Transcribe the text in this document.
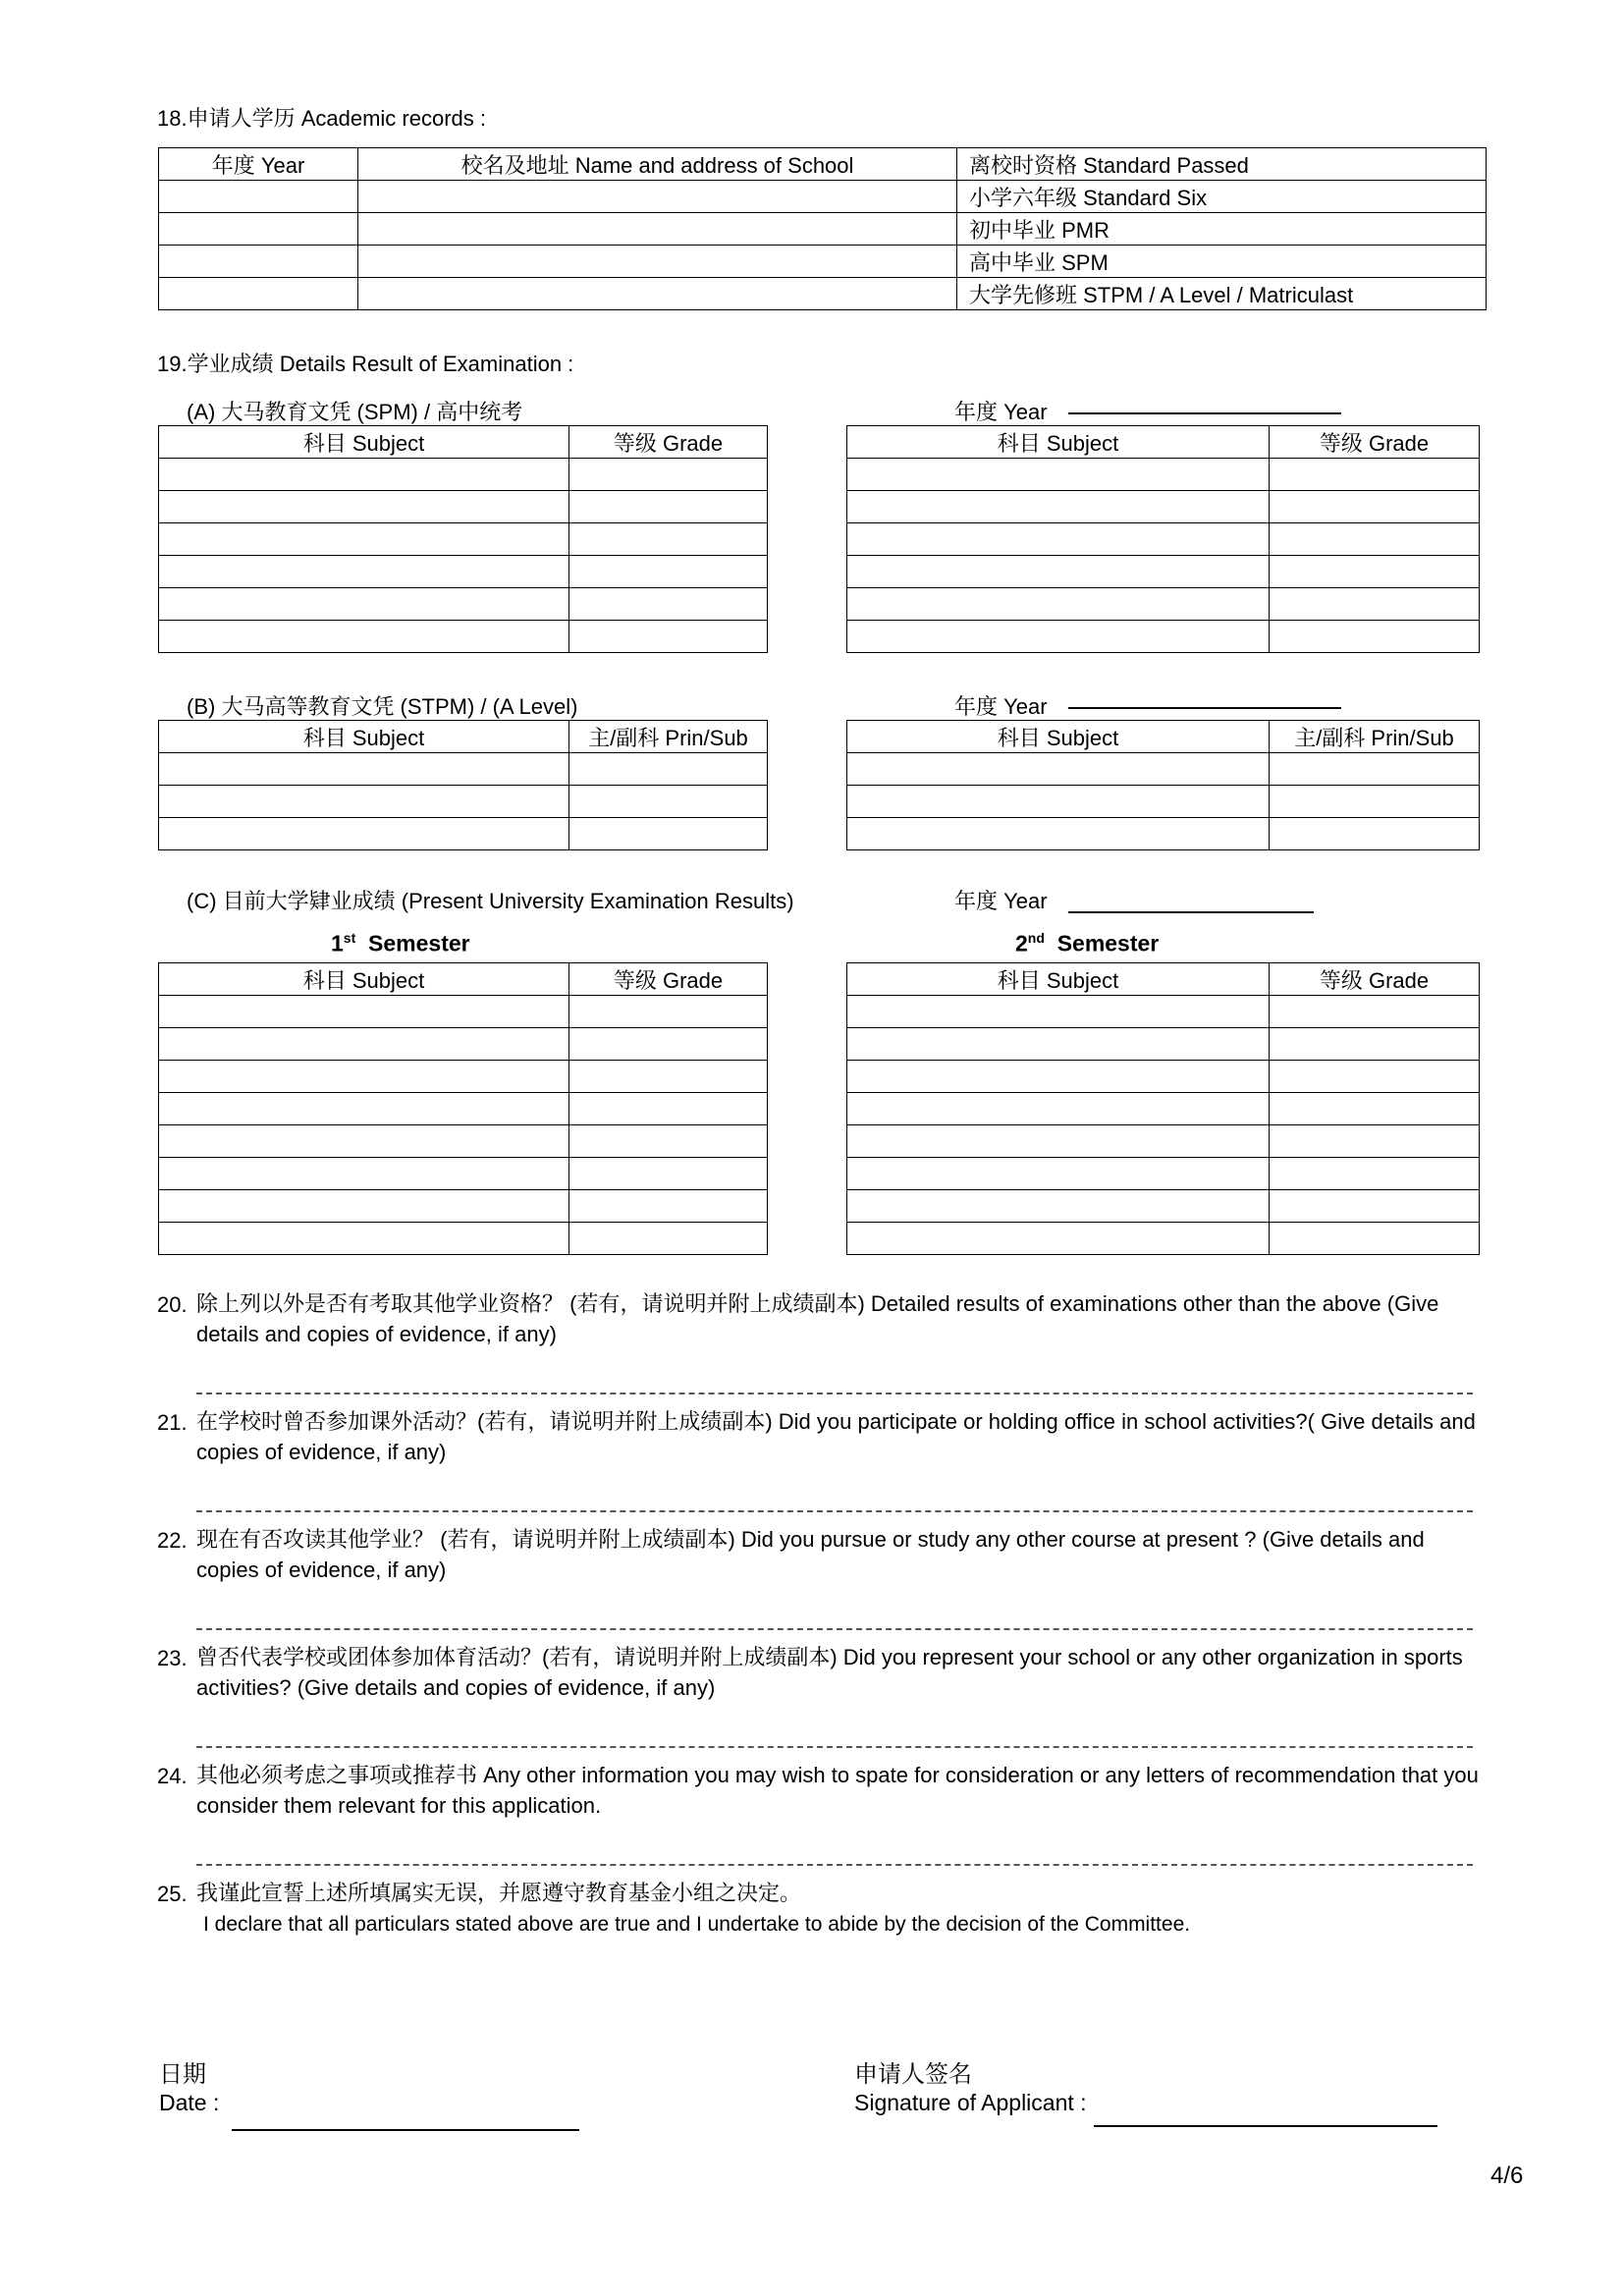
18.申请人学历 Academic records :
年度 Year	校名及地址 Name and address of School	离校时资格 Standard Passed
		小学六年级 Standard Six
		初中毕业 PMR
		高中毕业 SPM
		大学先修班 STPM / A Level / Matriculast
19.学业成绩 Details Result of Examination :
(A) 大马教育文凭 (SPM) / 高中统考	年度 Year
科目 Subject	等级 Grade

		科目 Subject	等级 Grade

(B) 大马高等教育文凭 (STPM) / (A Level)	年度 Year
科目 Subject	主/副科 Prin/Sub

		科目 Subject	主/副科 Prin/Sub

(C) 目前大学肄业成绩 (Present University Examination Results)	年度 Year
1st Semester	2nd Semester
科目 Subject	等级 Grade

		科目 Subject	等级 Grade

20. 除上列以外是否有考取其他学业资格？ (若有，请说明并附上成绩副本) Detailed results of examinations other than the above (Give details and copies of evidence, if any)
21. 在学校时曾否参加课外活动？(若有，请说明并附上成绩副本) Did you participate or holding office in school activities?( Give details and copies of evidence, if any)
22. 现在有否攻读其他学业？ (若有，请说明并附上成绩副本) Did you pursue or study any other course at present ? (Give details and copies of evidence, if any)
23. 曾否代表学校或团体参加体育活动？(若有，请说明并附上成绩副本) Did you represent your school or any other organization in sports activities? (Give details and copies of evidence, if any)
24. 其他必须考虑之事项或推荐书 Any other information you may wish to spate for consideration or any letters of recommendation that you consider them relevant for this application.
25. 我谨此宣誓上述所填属实无误，并愿遵守教育基金小组之决定。
I declare that all particulars stated above are true and I undertake to abide by the decision of the Committee.
日期
Date :
申请人签名
Signature of Applicant :
4/6
